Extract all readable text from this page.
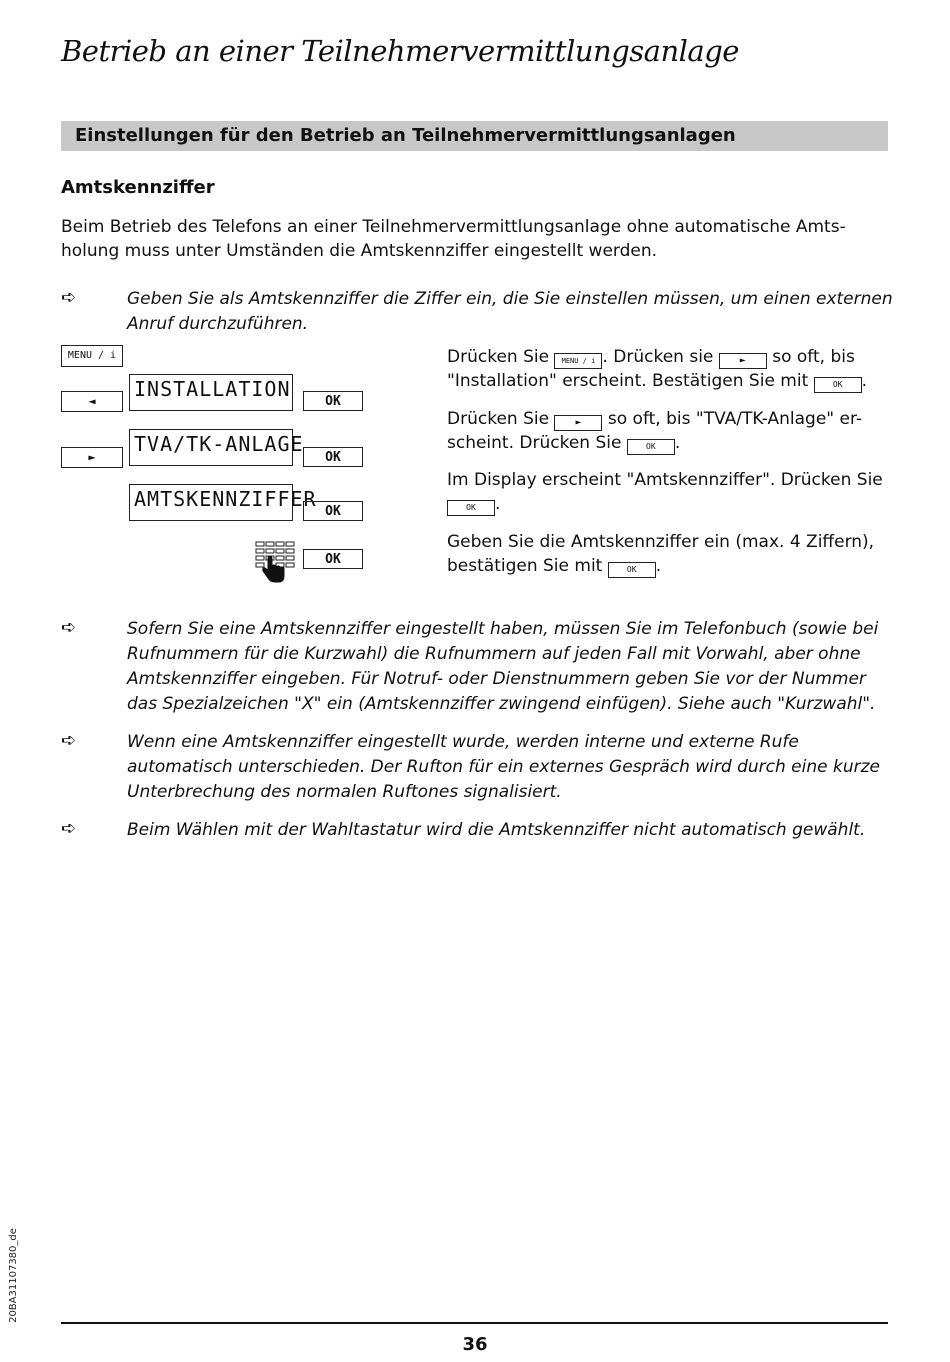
Betrieb an einer Teilnehmervermittlungsanlage
Einstellungen für den Betrieb an Teilnehmervermittlungsanlagen
Amtskennziffer
Beim Betrieb des Telefons an einer Teilnehmervermittlungsanlage ohne automatische Amts-
holung muss unter Umständen die Amtskennziffer eingestellt werden.
➪	Geben Sie als Amtskennziffer die Ziffer ein, die Sie einstellen müssen, um einen externen
Anruf durchzuführen.
MENU / i
◄	INSTALLATION
OK
►
TVA/TK-ANLAGE
OK
AMTSKENNZIFFER
OK
OK
Drücken Sie MENU / i . Drücken sie	► so oft, bis
"Installation" erscheint. Bestätigen Sie mit	OK .
Drücken Sie	► so oft, bis "TVA/TK-Anlage" er-
scheint. Drücken Sie	OK .
Im Display erscheint "Amtskennziffer". Drücken Sie
OK .
Geben Sie die Amtskennziffer ein (max. 4 Ziffern),
bestätigen Sie mit	OK .
➪	Sofern Sie eine Amtskennziffer eingestellt haben, müssen Sie im Telefonbuch (sowie bei
Rufnummern für die Kurzwahl) die Rufnummern auf jeden Fall mit Vorwahl, aber ohne
Amtskennziffer eingeben. Für Notruf- oder Dienstnummern geben Sie vor der Nummer
das Spezialzeichen "X" ein (Amtskennziffer zwingend einfügen). Siehe auch "Kurzwahl".
➪	Wenn eine Amtskennziffer eingestellt wurde, werden interne und externe Rufe
automatisch unterschieden. Der Rufton für ein externes Gespräch wird durch eine kurze
Unterbrechung des normalen Ruftones signalisiert.
➪	Beim Wählen mit der Wahltastatur wird die Amtskennziffer nicht automatisch gewählt.
20BA31107380_de
36
